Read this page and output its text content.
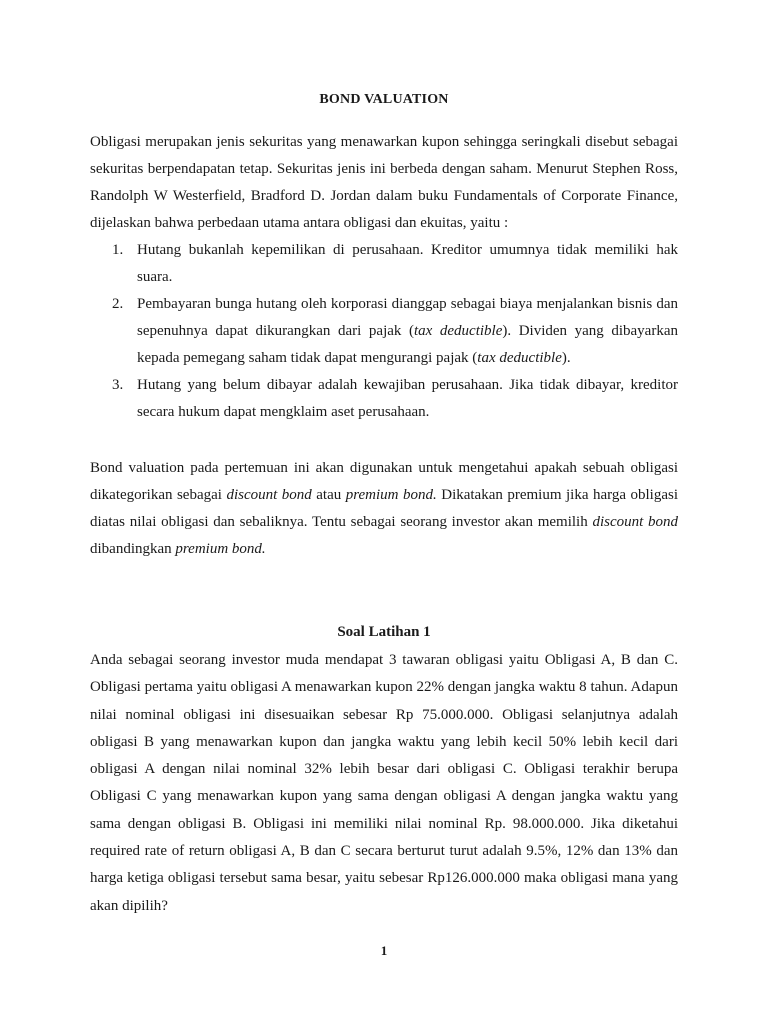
BOND VALUATION

Obligasi merupakan jenis sekuritas yang menawarkan kupon sehingga seringkali disebut sebagai sekuritas berpendapatan tetap. Sekuritas jenis ini berbeda dengan saham. Menurut Stephen Ross, Randolph W Westerfield, Bradford D. Jordan dalam buku Fundamentals of Corporate Finance, dijelaskan bahwa perbedaan utama antara obligasi dan ekuitas, yaitu :

1. Hutang bukanlah kepemilikan di perusahaan. Kreditor umumnya tidak memiliki hak suara.
2. Pembayaran bunga hutang oleh korporasi dianggap sebagai biaya menjalankan bisnis dan sepenuhnya dapat dikurangkan dari pajak (tax deductible). Dividen yang dibayarkan kepada pemegang saham tidak dapat mengurangi pajak (tax deductible).
3. Hutang yang belum dibayar adalah kewajiban perusahaan. Jika tidak dibayar, kreditor secara hukum dapat mengklaim aset perusahaan.

Bond valuation pada pertemuan ini akan digunakan untuk mengetahui apakah sebuah obligasi dikategorikan sebagai discount bond atau premium bond. Dikatakan premium jika harga obligasi diatas nilai obligasi dan sebaliknya. Tentu sebagai seorang investor akan memilih discount bond dibandingkan premium bond.

Soal Latihan 1

Anda sebagai seorang investor muda mendapat 3 tawaran obligasi yaitu Obligasi A, B dan C. Obligasi pertama yaitu obligasi A menawarkan kupon 22% dengan jangka waktu 8 tahun. Adapun nilai nominal obligasi ini disesuaikan sebesar Rp 75.000.000. Obligasi selanjutnya adalah obligasi B yang menawarkan kupon dan jangka waktu yang lebih kecil 50% lebih kecil dari obligasi A dengan nilai nominal 32% lebih besar dari obligasi C. Obligasi terakhir berupa Obligasi C yang menawarkan kupon yang sama dengan obligasi A dengan jangka waktu yang sama dengan obligasi B. Obligasi ini memiliki nilai nominal Rp. 98.000.000. Jika diketahui required rate of return obligasi A, B dan C secara berturut turut adalah 9.5%, 12% dan 13% dan harga ketiga obligasi tersebut sama besar, yaitu sebesar Rp126.000.000 maka obligasi mana yang akan dipilih?

1
